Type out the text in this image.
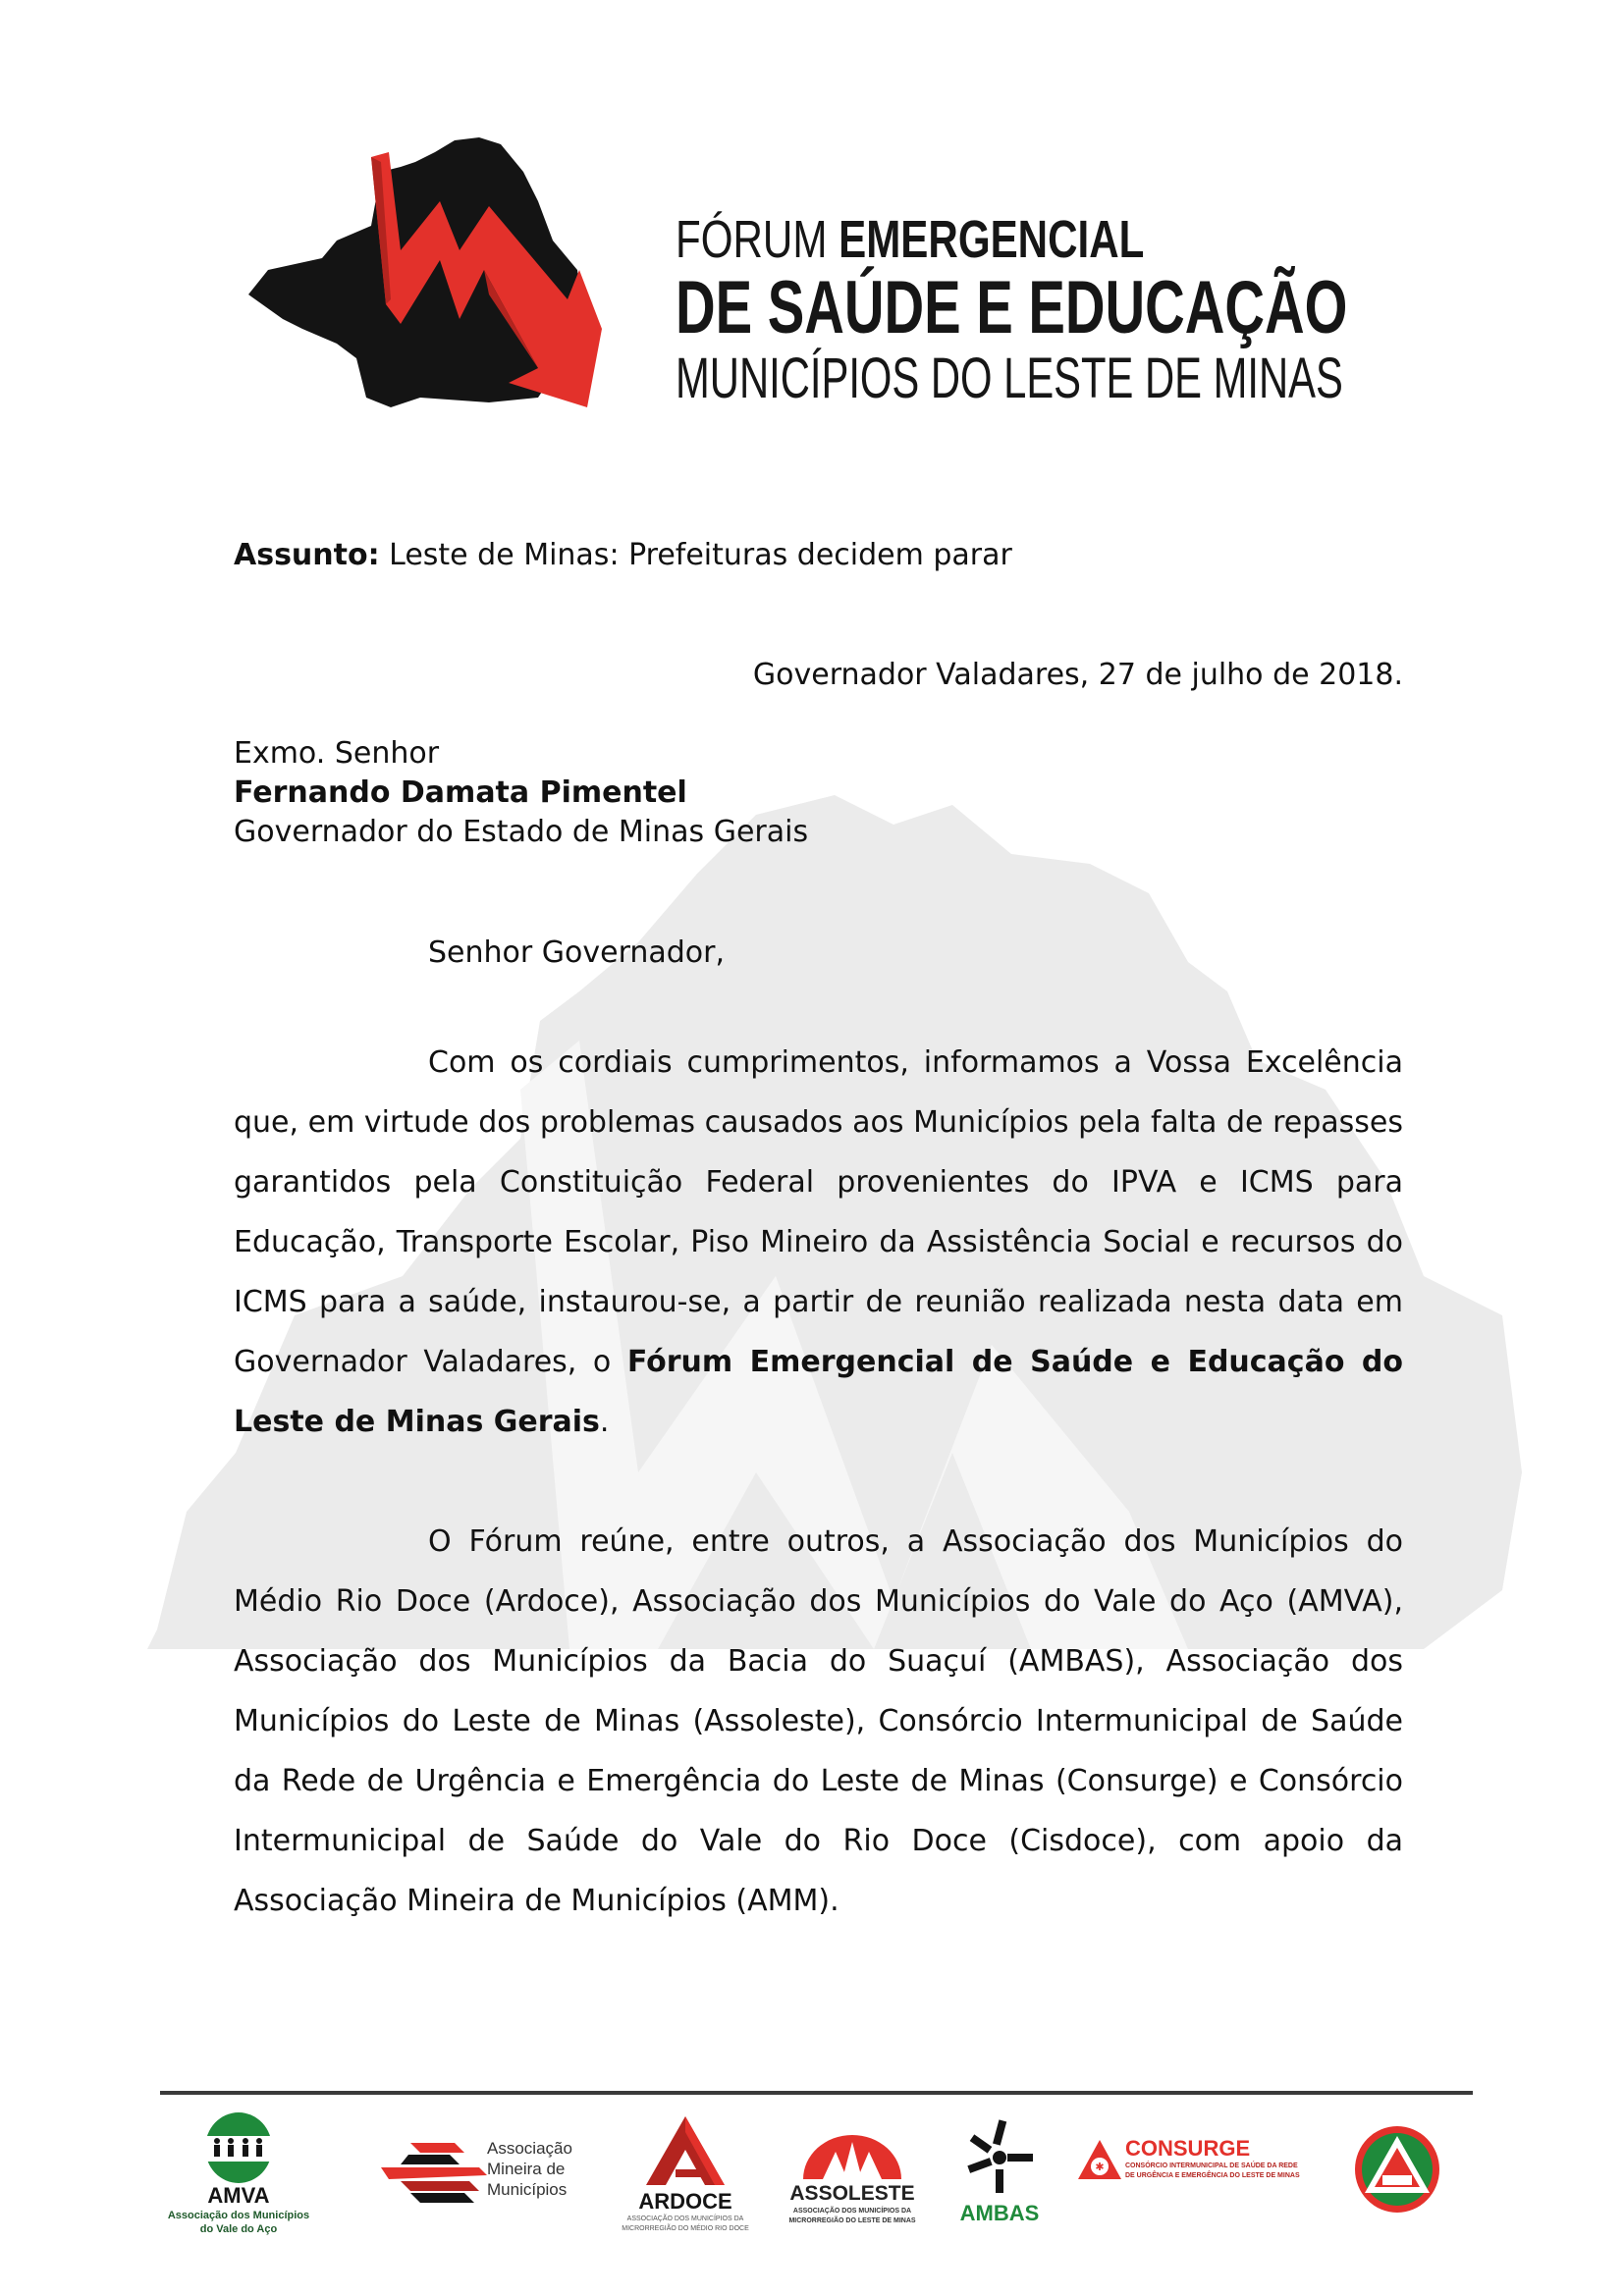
FÓRUM EMERGENCIAL
DE SAÚDE E EDUCAÇÃO
MUNICÍPIOS DO LESTE DE MINAS
Assunto: Leste de Minas: Prefeituras decidem parar
Governador Valadares, 27 de julho de 2018.
Exmo. Senhor
Fernando Damata Pimentel
Governador do Estado de Minas Gerais
Senhor Governador,
Com os cordiais cumprimentos, informamos a Vossa Excelência que, em virtude dos problemas causados aos Municípios pela falta de repasses garantidos pela Constituição Federal provenientes do IPVA e ICMS para Educação, Transporte Escolar, Piso Mineiro da Assistência Social e recursos do ICMS para a saúde, instaurou-se, a partir de reunião realizada nesta data em Governador Valadares, o Fórum Emergencial de Saúde e Educação do Leste de Minas Gerais.
O Fórum reúne, entre outros, a Associação dos Municípios do Médio Rio Doce (Ardoce), Associação dos Municípios do Vale do Aço (AMVA), Associação dos Municípios da Bacia do Suaçuí (AMBAS), Associação dos Municípios do Leste de Minas (Assoleste), Consórcio Intermunicipal de Saúde da Rede de Urgência e Emergência do Leste de Minas (Consurge) e Consórcio Intermunicipal de Saúde do Vale do Rio Doce (Cisdoce), com apoio da Associação Mineira de Municípios (AMM).
AMVA
Associação dos Municípios
do Vale do Aço
Associação
Mineira de
Municípios	ARDOCE
ASSOCIAÇÃO DOS MUNICÍPIOS DA
MICRORREGIÃO DO MÉDIO RIO DOCE
ASSOLESTE
ASSOCIAÇÃO DOS MUNICÍPIOS DA
MICRORREGIÃO DO LESTE DE MINAS	AMBAS
✱
CONSURGE
CONSÓRCIO INTERMUNICIPAL DE SAÚDE DA REDE
DE URGÊNCIA E EMERGÊNCIA DO LESTE DE MINAS
